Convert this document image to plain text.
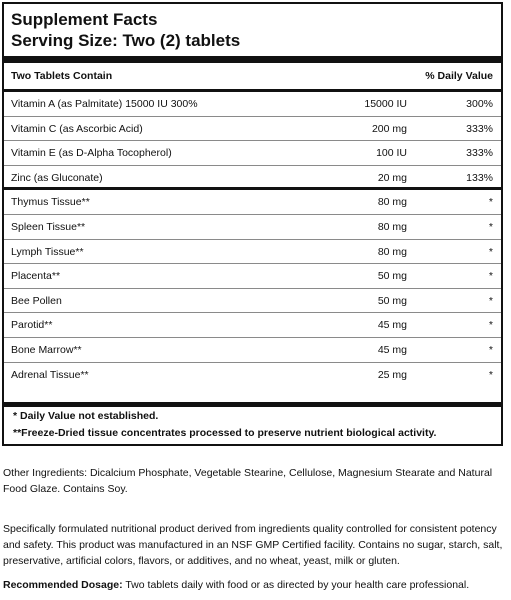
Supplement Facts
Serving Size: Two (2) tablets
Two Tablets Contain	% Daily Value
Vitamin A (as Palmitate) 15000 IU 300%	15000 IU	300%
Vitamin C (as Ascorbic Acid)	200 mg	333%
Vitamin E (as D-Alpha Tocopherol)	100 IU	333%
Zinc (as Gluconate)	20 mg	133%
Thymus Tissue**	80 mg	*
Spleen Tissue**	80 mg	*
Lymph Tissue**	80 mg	*
Placenta**	50 mg	*
Bee Pollen	50 mg	*
Parotid**	45 mg	*
Bone Marrow**	45 mg	*
Adrenal Tissue**	25 mg	*
* Daily Value not established.
**Freeze-Dried tissue concentrates processed to preserve nutrient biological activity.
Other Ingredients: Dicalcium Phosphate, Vegetable Stearine, Cellulose, Magnesium Stearate and Natural Food Glaze. Contains Soy.
Specifically formulated nutritional product derived from ingredients quality controlled for consistent potency and safety. This product was manufactured in an NSF GMP Certified facility. Contains no sugar, starch, salt, preservative, artificial colors, flavors, or additives, and no wheat, yeast, milk or gluten.
Recommended Dosage: Two tablets daily with food or as directed by your health care professional.
